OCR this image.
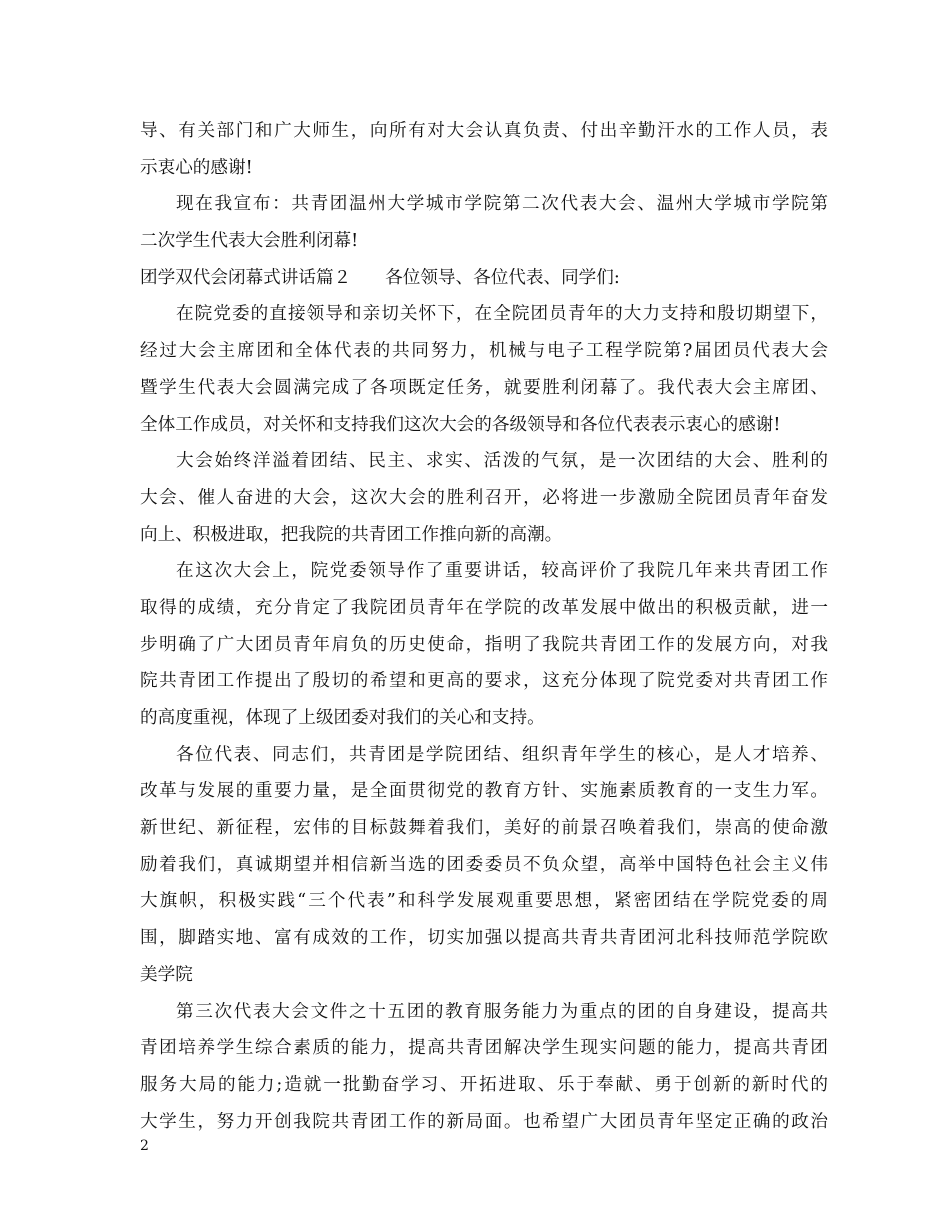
导、有关部门和广大师生，向所有对大会认真负责、付出辛勤汗水的工作人员，表
示衷心的感谢!
现在我宣布：共青团温州大学城市学院第二次代表大会、温州大学城市学院第
二次学生代表大会胜利闭幕!
团学双代会闭幕式讲话篇２ 各位领导、各位代表、同学们:
在院党委的直接领导和亲切关怀下，在全院团员青年的大力支持和殷切期望下，
经过大会主席团和全体代表的共同努力，机械与电子工程学院第?届团员代表大会
暨学生代表大会圆满完成了各项既定任务，就要胜利闭幕了。我代表大会主席团、
全体工作成员，对关怀和支持我们这次大会的各级领导和各位代表表示衷心的感谢!
大会始终洋溢着团结、民主、求实、活泼的气氛，是一次团结的大会、胜利的
大会、催人奋进的大会，这次大会的胜利召开，必将进一步激励全院团员青年奋发
向上、积极进取，把我院的共青团工作推向新的高潮。
在这次大会上，院党委领导作了重要讲话，较高评价了我院几年来共青团工作
取得的成绩，充分肯定了我院团员青年在学院的改革发展中做出的积极贡献，进一
步明确了广大团员青年肩负的历史使命，指明了我院共青团工作的发展方向，对我
院共青团工作提出了殷切的希望和更高的要求，这充分体现了院党委对共青团工作
的高度重视，体现了上级团委对我们的关心和支持。
各位代表、同志们，共青团是学院团结、组织青年学生的核心，是人才培养、
改革与发展的重要力量，是全面贯彻党的教育方针、实施素质教育的一支生力军。
新世纪、新征程，宏伟的目标鼓舞着我们，美好的前景召唤着我们，崇高的使命激
励着我们，真诚期望并相信新当选的团委委员不负众望，高举中国特色社会主义伟
大旗帜，积极实践“三个代表”和科学发展观重要思想，紧密团结在学院党委的周
围，脚踏实地、富有成效的工作，切实加强以提高共青共青团河北科技师范学院欧
美学院
第三次代表大会文件之十五团的教育服务能力为重点的团的自身建设，提高共
青团培养学生综合素质的能力，提高共青团解决学生现实问题的能力，提高共青团
服务大局的能力;造就一批勤奋学习、开拓进取、乐于奉献、勇于创新的新时代的
大学生，努力开创我院共青团工作的新局面。也希望广大团员青年坚定正确的政治
2
